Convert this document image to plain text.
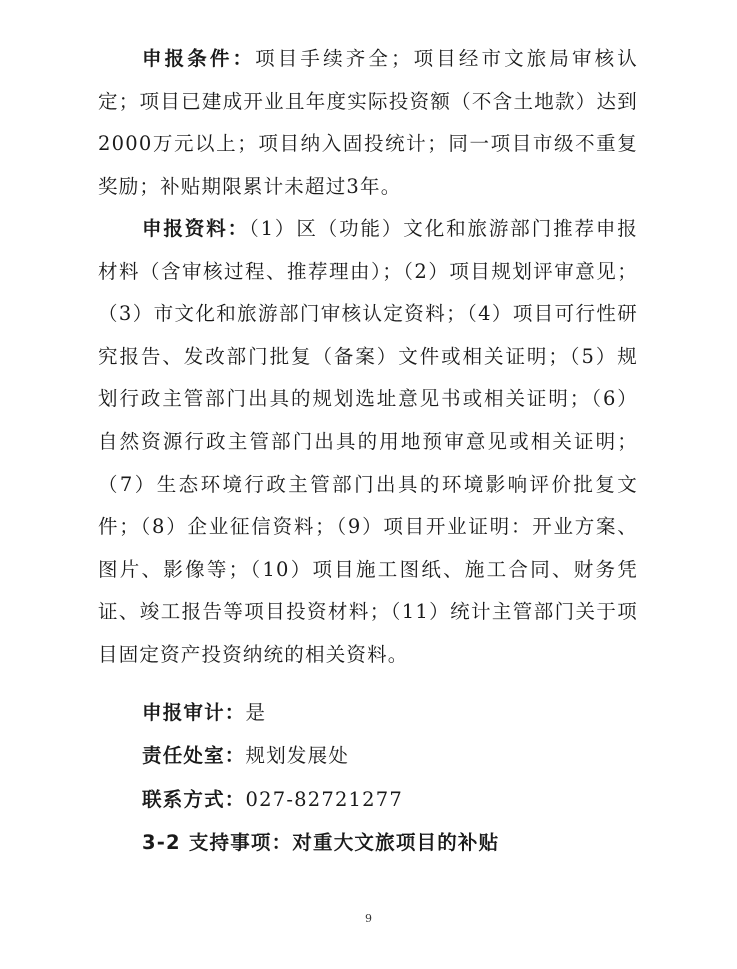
申报条件：项目手续齐全；项目经市文旅局审核认定；项目已建成开业且年度实际投资额（不含土地款）达到2000万元以上；项目纳入固投统计；同一项目市级不重复奖励；补贴期限累计未超过3年。

申报资料：（1）区（功能）文化和旅游部门推荐申报材料（含审核过程、推荐理由）；（2）项目规划评审意见；（3）市文化和旅游部门审核认定资料；（4）项目可行性研究报告、发改部门批复（备案）文件或相关证明；（5）规划行政主管部门出具的规划选址意见书或相关证明；（6）自然资源行政主管部门出具的用地预审意见或相关证明；（7）生态环境行政主管部门出具的环境影响评价批复文件；（8）企业征信资料；（9）项目开业证明：开业方案、图片、影像等；（10）项目施工图纸、施工合同、财务凭证、竣工报告等项目投资材料；（11）统计主管部门关于项目固定资产投资纳统的相关资料。

申报审计：是
责任处室：规划发展处
联系方式：027-82721277
3-2 支持事项：对重大文旅项目的补贴
9
